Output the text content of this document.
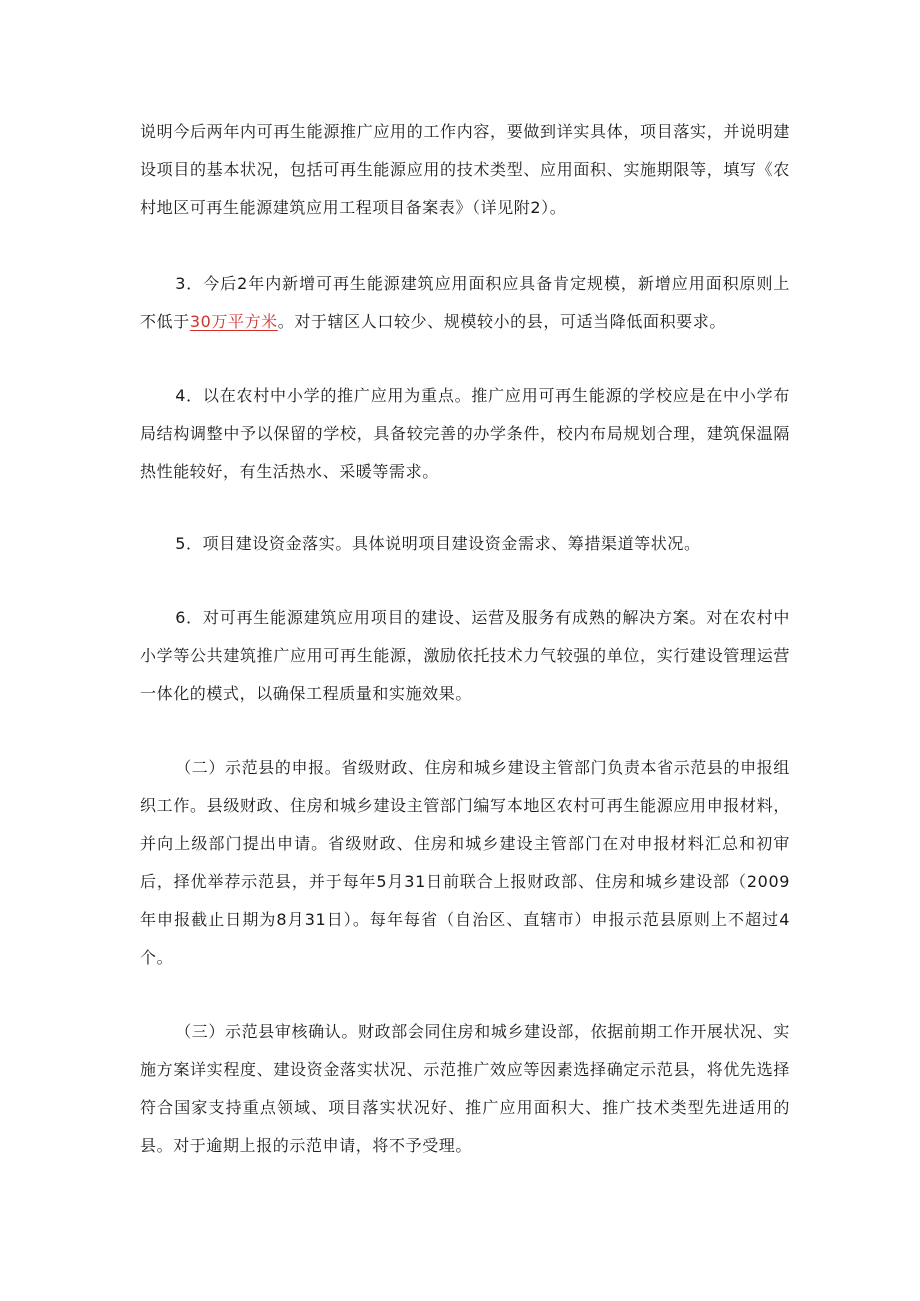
说明今后两年内可再生能源推广应用的工作内容，要做到详实具体，项目落实，并说明建设项目的基本状况，包括可再生能源应用的技术类型、应用面积、实施期限等，填写《农村地区可再生能源建筑应用工程项目备案表》（详见附2）。

3．今后2年内新增可再生能源建筑应用面积应具备肯定规模，新增应用面积原则上不低于30万平方米。对于辖区人口较少、规模较小的县，可适当降低面积要求。

4．以在农村中小学的推广应用为重点。推广应用可再生能源的学校应是在中小学布局结构调整中予以保留的学校，具备较完善的办学条件，校内布局规划合理，建筑保温隔热性能较好，有生活热水、采暖等需求。

5．项目建设资金落实。具体说明项目建设资金需求、筹措渠道等状况。

6．对可再生能源建筑应用项目的建设、运营及服务有成熟的解决方案。对在农村中小学等公共建筑推广应用可再生能源，激励依托技术力气较强的单位，实行建设管理运营一体化的模式，以确保工程质量和实施效果。

（二）示范县的申报。省级财政、住房和城乡建设主管部门负责本省示范县的申报组织工作。县级财政、住房和城乡建设主管部门编写本地区农村可再生能源应用申报材料，并向上级部门提出申请。省级财政、住房和城乡建设主管部门在对申报材料汇总和初审后，择优举荐示范县，并于每年5月31日前联合上报财政部、住房和城乡建设部（2009年申报截止日期为8月31日）。每年每省（自治区、直辖市）申报示范县原则上不超过4个。

（三）示范县审核确认。财政部会同住房和城乡建设部，依据前期工作开展状况、实施方案详实程度、建设资金落实状况、示范推广效应等因素选择确定示范县，将优先选择符合国家支持重点领域、项目落实状况好、推广应用面积大、推广技术类型先进适用的县。对于逾期上报的示范申请，将不予受理。
